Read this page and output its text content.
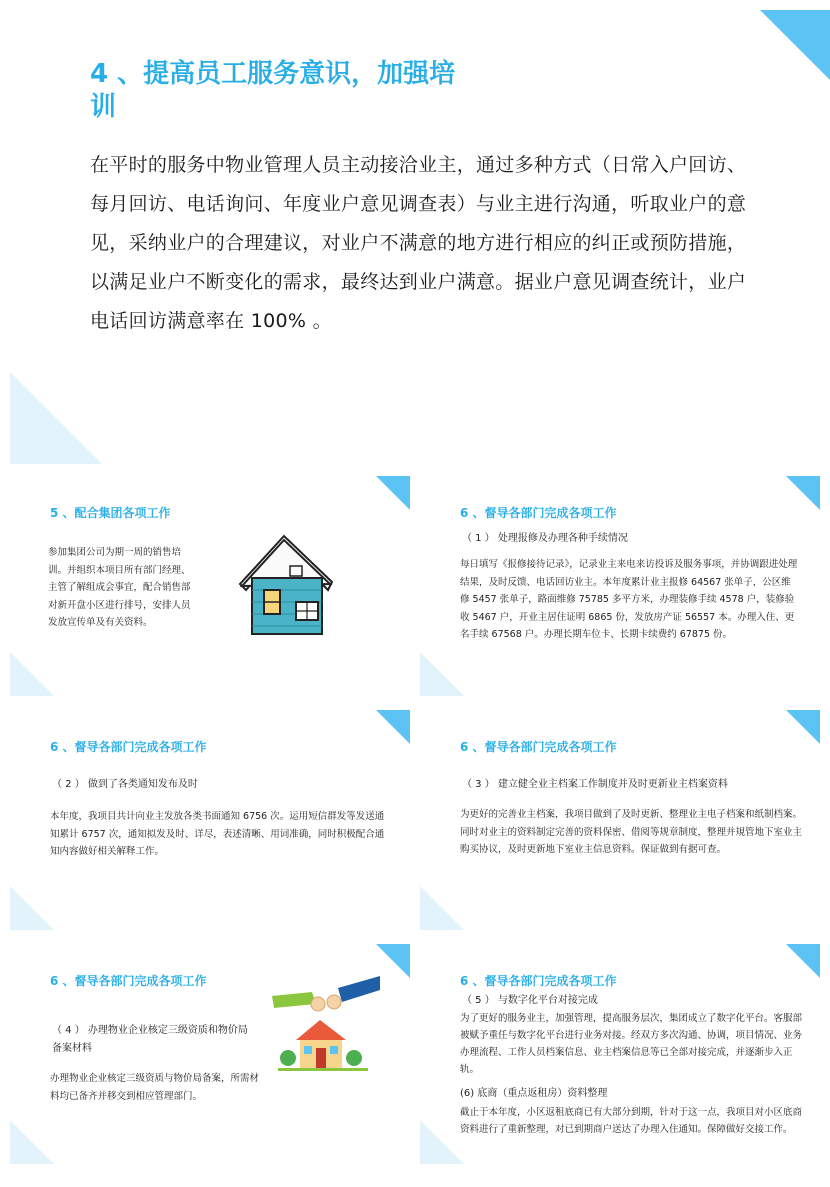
4 、提高员工服务意识，加强培训

在平时的服务中物业管理人员主动接洽业主，通过多种方式（日常入户回访、每月回访、电话询问、年度业户意见调查表）与业主进行沟通，听取业户的意见，采纳业户的合理建议，对业户不满意的地方进行相应的纠正或预防措施，以满足业户不断变化的需求，最终达到业户满意。据业户意见调查统计，业户电话回访满意率在 100% 。

5 、配合集团各项工作

参加集团公司为期一周的销售培训。并组织本项目所有部门经理、主管了解组成会事宜，配合销售部对新开盘小区进行排号，安排人员发放宣传单及有关资料。

6 、督导各部门完成各项工作

（ 1 ） 处理报修及办理各种手续情况

每日填写《报修接待记录》，记录业主来电来访投诉及服务事项，并协调跟进处理结果，及时反馈、电话回访业主。本年度累计业主报修 64567 张单子，公区维修 5457 张单子，路面维修 75785 多平方米，办理装修手续 4578 户，装修验收 5467 户，开业主居住证明 6865 份，发放房产证 56557 本。办理入住、更名手续 67568 户。办理长期车位卡、长期卡续费约 67875 份。

6 、督导各部门完成各项工作

（ 2 ） 做到了各类通知发布及时

本年度，我项目共计向业主发放各类书面通知 6756 次。运用短信群发等发送通知累计 6757 次，通知拟发及时、详尽，表述清晰、用词准确，同时积极配合通知内容做好相关解释工作。

6 、督导各部门完成各项工作

（ 3 ） 建立健全业主档案工作制度并及时更新业主档案资料

为更好的完善业主档案，我项目做到了及时更新、整理业主电子档案和纸制档案。同时对业主的资料制定完善的资料保密、借阅等规章制度，整理并規管地下室业主购买协议，及时更新地下室业主信息资料。保证做到有据可查。

6 、督导各部门完成各项工作

（ 4 ） 办理物业企业核定三级资质和物价局备案材料

办理物业企业核定三级资质与物价局备案，所需材料均已备齐并移交到相应管理部门。

6 、督导各部门完成各项工作

（ 5 ） 与数字化平台对接完成

为了更好的服务业主，加强管理，提高服务层次，集团成立了数字化平台。客服部被赋予重任与数字化平台进行业务对接。经双方多次沟通、协调，项目情况、业务办理流程、工作人员档案信息、业主档案信息等已全部对接完成，并逐渐步入正轨。

(6) 底商（重点返租房）资料整理

截止于本年度，小区返租底商已有大部分到期，针对于这一点，我项目对小区底商资料进行了重新整理，对已到期商户送达了办理入住通知。保障做好交接工作。
